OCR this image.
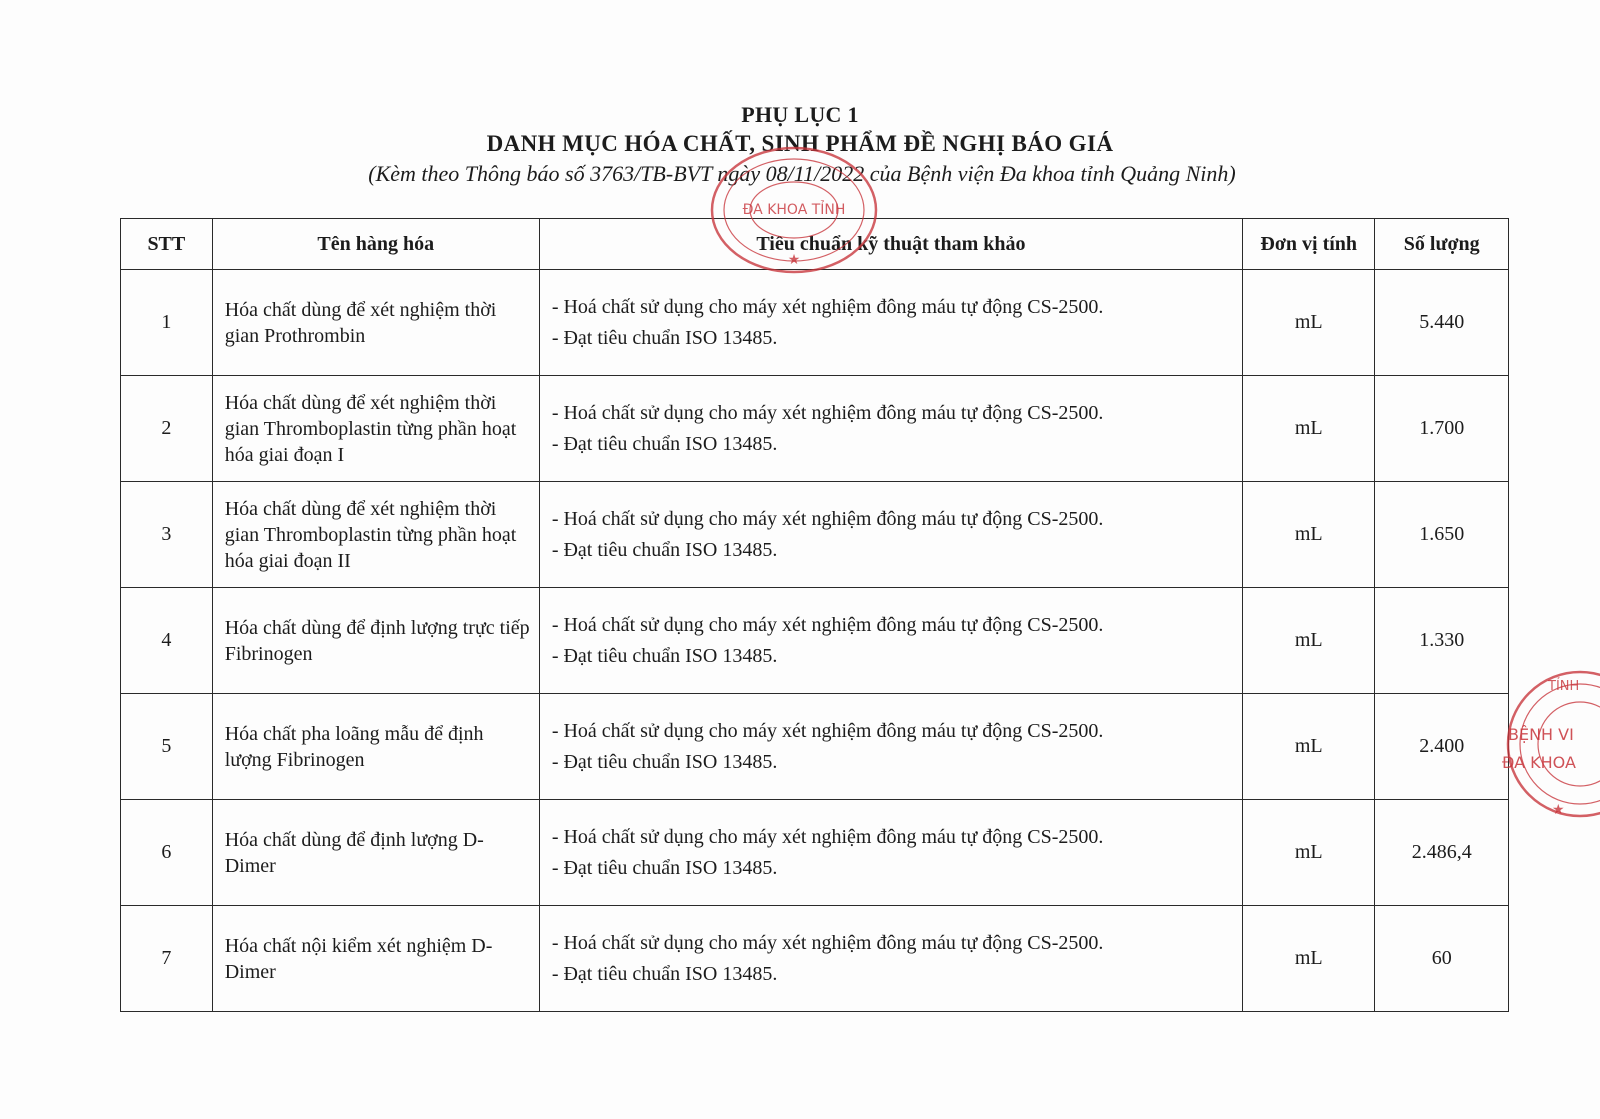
PHỤ LỤC 1
DANH MỤC HÓA CHẤT, SINH PHẨM ĐỀ NGHỊ BÁO GIÁ
(Kèm theo Thông báo số 3763/TB-BVT ngày 08/11/2022 của Bệnh viện Đa khoa tỉnh Quảng Ninh)
STT	Tên hàng hóa	Tiêu chuẩn kỹ thuật tham khảo	Đơn vị tính	Số lượng
1	Hóa chất dùng để xét nghiệm thời gian Prothrombin	- Hoá chất sử dụng cho máy xét nghiệm đông máu tự động CS-2500.
- Đạt tiêu chuẩn ISO 13485.	mL	5.440
2	Hóa chất dùng để xét nghiệm thời gian Thromboplastin từng phần hoạt hóa giai đoạn I	- Hoá chất sử dụng cho máy xét nghiệm đông máu tự động CS-2500.
- Đạt tiêu chuẩn ISO 13485.	mL	1.700
3	Hóa chất dùng để xét nghiệm thời gian Thromboplastin từng phần hoạt hóa giai đoạn II	- Hoá chất sử dụng cho máy xét nghiệm đông máu tự động CS-2500.
- Đạt tiêu chuẩn ISO 13485.	mL	1.650
4	Hóa chất dùng để định lượng trực tiếp Fibrinogen	- Hoá chất sử dụng cho máy xét nghiệm đông máu tự động CS-2500.
- Đạt tiêu chuẩn ISO 13485.	mL	1.330
5	Hóa chất pha loãng mẫu để định lượng Fibrinogen	- Hoá chất sử dụng cho máy xét nghiệm đông máu tự động CS-2500.
- Đạt tiêu chuẩn ISO 13485.	mL	2.400
6	Hóa chất dùng để định lượng D-Dimer	- Hoá chất sử dụng cho máy xét nghiệm đông máu tự động CS-2500.
- Đạt tiêu chuẩn ISO 13485.	mL	2.486,4
7	Hóa chất nội kiểm xét nghiệm D-Dimer	- Hoá chất sử dụng cho máy xét nghiệm đông máu tự động CS-2500.
- Đạt tiêu chuẩn ISO 13485.	mL	60
ĐA KHOA TỈNH
★
TỈNH
BỆNH VI
ĐA KHOA
★
